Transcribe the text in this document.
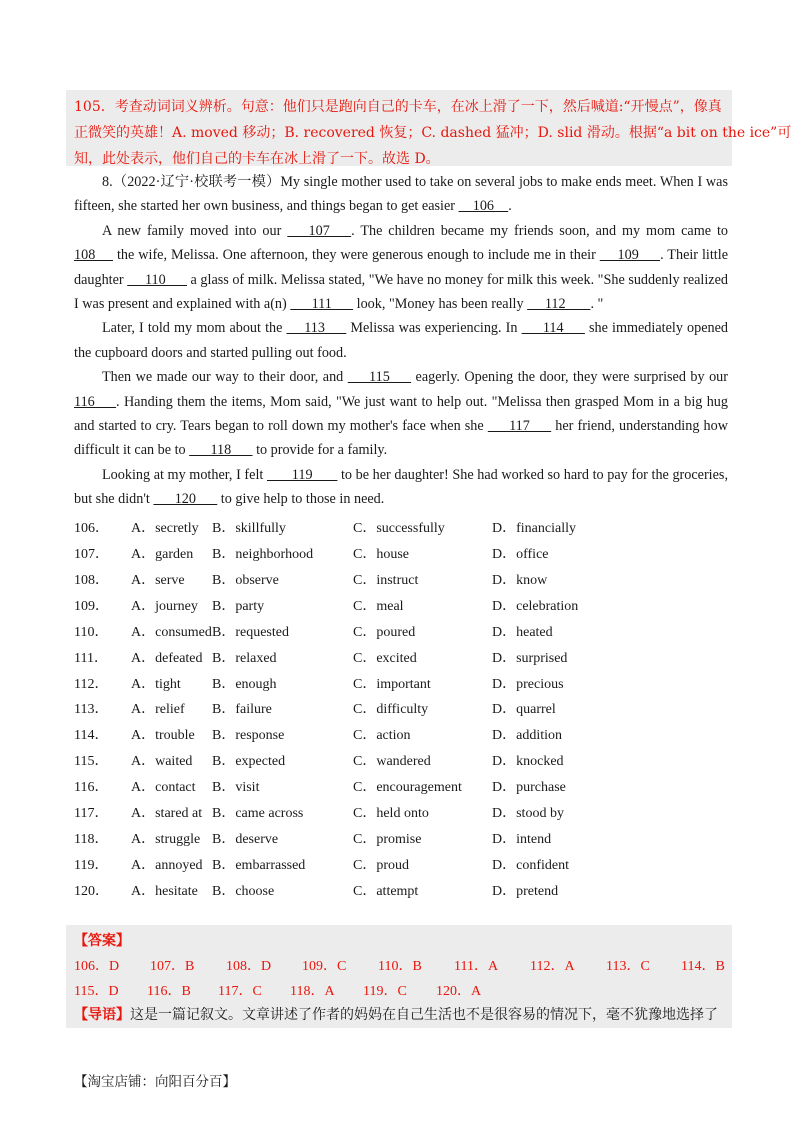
105．考查动词词义辨析。句意：他们只是跑向自己的卡车，在冰上滑了一下，然后喊道:“开慢点”，像真
正微笑的英雄！A. moved 移动；B. recovered 恢复；C. dashed 猛冲；D. slid 滑动。根据“a bit on the ice”可
知，此处表示，他们自己的卡车在冰上滑了一下。故选 D。

8.（2022·辽宁·校联考一模）My single mother used to take on several jobs to make ends meet. When I was fifteen, she started her own business, and things began to get easier     106    .

A new family moved into our       107      . The children became my friends soon, and my mom came to 108      the wife, Melissa. One afternoon, they were generous enough to include me in their      109      . Their little daughter      110       a glass of milk. Melissa stated, "We have no money for milk this week. "She suddenly realized I was present and explained with a(n)       111       look, "Money has been really      112       . "

Later, I told my mom about the      113       Melissa was experiencing. In       114       she immediately opened the cupboard doors and started pulling out food.

Then we made our way to their door, and       115       eagerly. Opening the door, they were surprised by our 116      . Handing them the items, Mom said, "We just want to help out. "Melissa then grasped Mom in a big hug and started to cry. Tears began to roll down my mother's face when she       117       her friend, understanding how difficult it can be to       118       to provide for a family.

Looking at my mother, I felt        119        to be her daughter! She had worked so hard to pay for the groceries, but she didn't       120       to give help to those in need.

106． A．secretly B．skillfully	C．successfully	D．financially
107． A．garden B．neighborhood	C．house	D．office
108． A．serve B．observe	C．instruct	D．know
109． A．journey B．party	C．meal	D．celebration
110． A．consumed B．requested	C．poured	D．heated
111． A．defeated B．relaxed	C．excited	D．surprised
112． A．tight B．enough	C．important	D．precious
113． A．relief B．failure	C．difficulty	D．quarrel
114． A．trouble B．response	C．action	D．addition
115． A．waited B．expected	C．wandered	D．knocked
116． A．contact B．visit	C．encouragement D．purchase
117． A．stared at B．came across	C．held onto	D．stood by
118． A．struggle B．deserve	C．promise	D．intend
119． A．annoyed B．embarrassed	C．proud	D．confident
120． A．hesitate B．choose	C．attempt	D．pretend
【答案】
106．D 107．B 108．D 109．C 110．B 111．A 112．A 113．C 114．B
115．D 116．B 117．C 118．A 119．C 120．A
【导语】这是一篇记叙文。文章讲述了作者的妈妈在自己生活也不是很容易的情况下，毫不犹豫地选择了
【淘宝店铺：向阳百分百】
